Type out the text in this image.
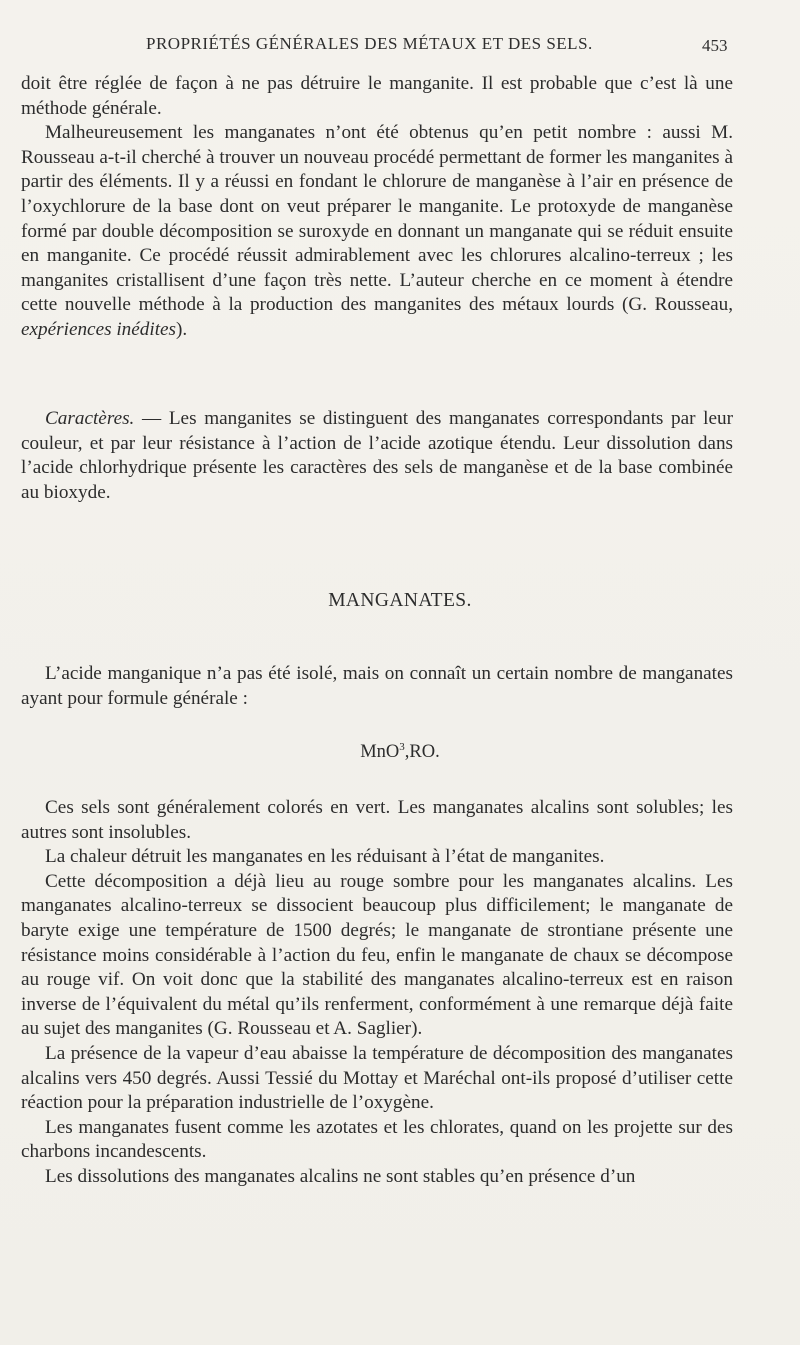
PROPRIÉTÉS GÉNÉRALES DES MÉTAUX ET DES SELS.	453

doit être réglée de façon à ne pas détruire le manganite. Il est probable que c’est là une méthode générale.

Malheureusement les manganates n’ont été obtenus qu’en petit nombre : aussi M. Rousseau a-t-il cherché à trouver un nouveau procédé permettant de former les manganites à partir des éléments. Il y a réussi en fondant le chlorure de manganèse à l’air en présence de l’oxychlorure de la base dont on veut préparer le manganite. Le protoxyde de manganèse formé par double décomposition se suroxyde en donnant un manganate qui se réduit ensuite en manganite. Ce procédé réussit admirablement avec les chlorures alcalino-terreux ; les manganites cristallisent d’une façon très nette. L’auteur cherche en ce moment à étendre cette nouvelle méthode à la production des manganites des métaux lourds (G. Rousseau, expériences inédites).

Caractères. — Les manganites se distinguent des manganates correspondants par leur couleur, et par leur résistance à l’action de l’acide azotique étendu. Leur dissolution dans l’acide chlorhydrique présente les caractères des sels de manganèse et de la base combinée au bioxyde.

MANGANATES.

L’acide manganique n’a pas été isolé, mais on connaît un certain nombre de manganates ayant pour formule générale :

MnO$^3$,RO.

Ces sels sont généralement colorés en vert. Les manganates alcalins sont solubles; les autres sont insolubles.

La chaleur détruit les manganates en les réduisant à l’état de manganites.

Cette décomposition a déjà lieu au rouge sombre pour les manganates alcalins. Les manganates alcalino-terreux se dissocient beaucoup plus difficilement; le manganate de baryte exige une température de 1500 degrés; le manganate de strontiane présente une résistance moins considérable à l’action du feu, enfin le manganate de chaux se décompose au rouge vif. On voit donc que la stabilité des manganates alcalino-terreux est en raison inverse de l’équivalent du métal qu’ils renferment, conformément à une remarque déjà faite au sujet des manganites (G. Rousseau et A. Saglier).

La présence de la vapeur d’eau abaisse la température de décomposition des manganates alcalins vers 450 degrés. Aussi Tessié du Mottay et Maréchal ont-ils proposé d’utiliser cette réaction pour la préparation industrielle de l’oxygène.

Les manganates fusent comme les azotates et les chlorates, quand on les projette sur des charbons incandescents.

Les dissolutions des manganates alcalins ne sont stables qu’en présence d’un
